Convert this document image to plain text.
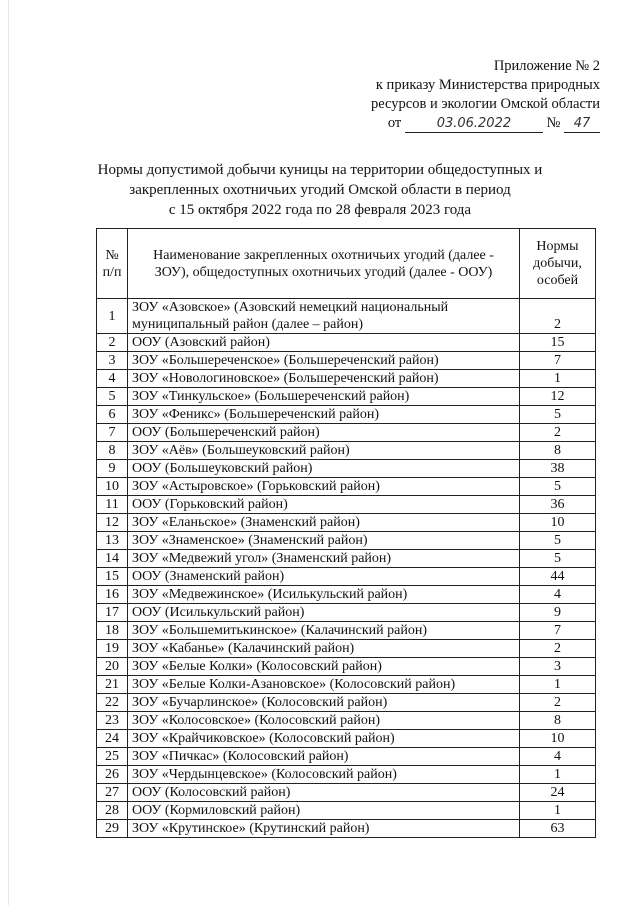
Приложение № 2
к приказу Министерства природных
ресурсов и экологии Омской области
от	03.06.2022 № 47
Нормы допустимой добычи куницы на территории общедоступных и
закрепленных охотничьих угодий Омской области в период
с 15 октября 2022 года по 28 февраля 2023 года
№ п/п	Наименование закрепленных охотничьих угодий (далее - ЗОУ), общедоступных охотничьих угодий (далее - ООУ)	Нормы добычи, особей
1	ЗОУ «Азовское» (Азовский немецкий национальный муниципальный район (далее – район)	2
2	ООУ (Азовский район)	15
3	ЗОУ «Большереченское» (Большереченский район)	7
4	ЗОУ «Новологиновское» (Большереченский район)	1
5	ЗОУ «Тинкульское» (Большереченский район)	12
6	ЗОУ «Феникс» (Большереченский район)	5
7	ООУ (Большереченский район)	2
8	ЗОУ «Аёв» (Большеуковский район)	8
9	ООУ (Большеуковский район)	38
10	ЗОУ «Астыровское» (Горьковский район)	5
11	ООУ (Горьковский район)	36
12	ЗОУ «Еланьское» (Знаменский район)	10
13	ЗОУ «Знаменское» (Знаменский район)	5
14	ЗОУ «Медвежий угол» (Знаменский район)	5
15	ООУ (Знаменский район)	44
16	ЗОУ «Медвежинское» (Исилькульский район)	4
17	ООУ (Исилькульский район)	9
18	ЗОУ «Большемитькинское» (Калачинский район)	7
19	ЗОУ «Кабанье» (Калачинский район)	2
20	ЗОУ «Белые Колки» (Колосовский район)	3
21	ЗОУ «Белые Колки-Азановское» (Колосовский район)	1
22	ЗОУ «Бучарлинское» (Колосовский район)	2
23	ЗОУ «Колосовское» (Колосовский район)	8
24	ЗОУ «Крайчиковское» (Колосовский район)	10
25	ЗОУ «Пичкас» (Колосовский район)	4
26	ЗОУ «Чердынцевское» (Колосовский район)	1
27	ООУ (Колосовский район)	24
28	ООУ (Кормиловский район)	1
29	ЗОУ «Крутинское» (Крутинский район)	63
